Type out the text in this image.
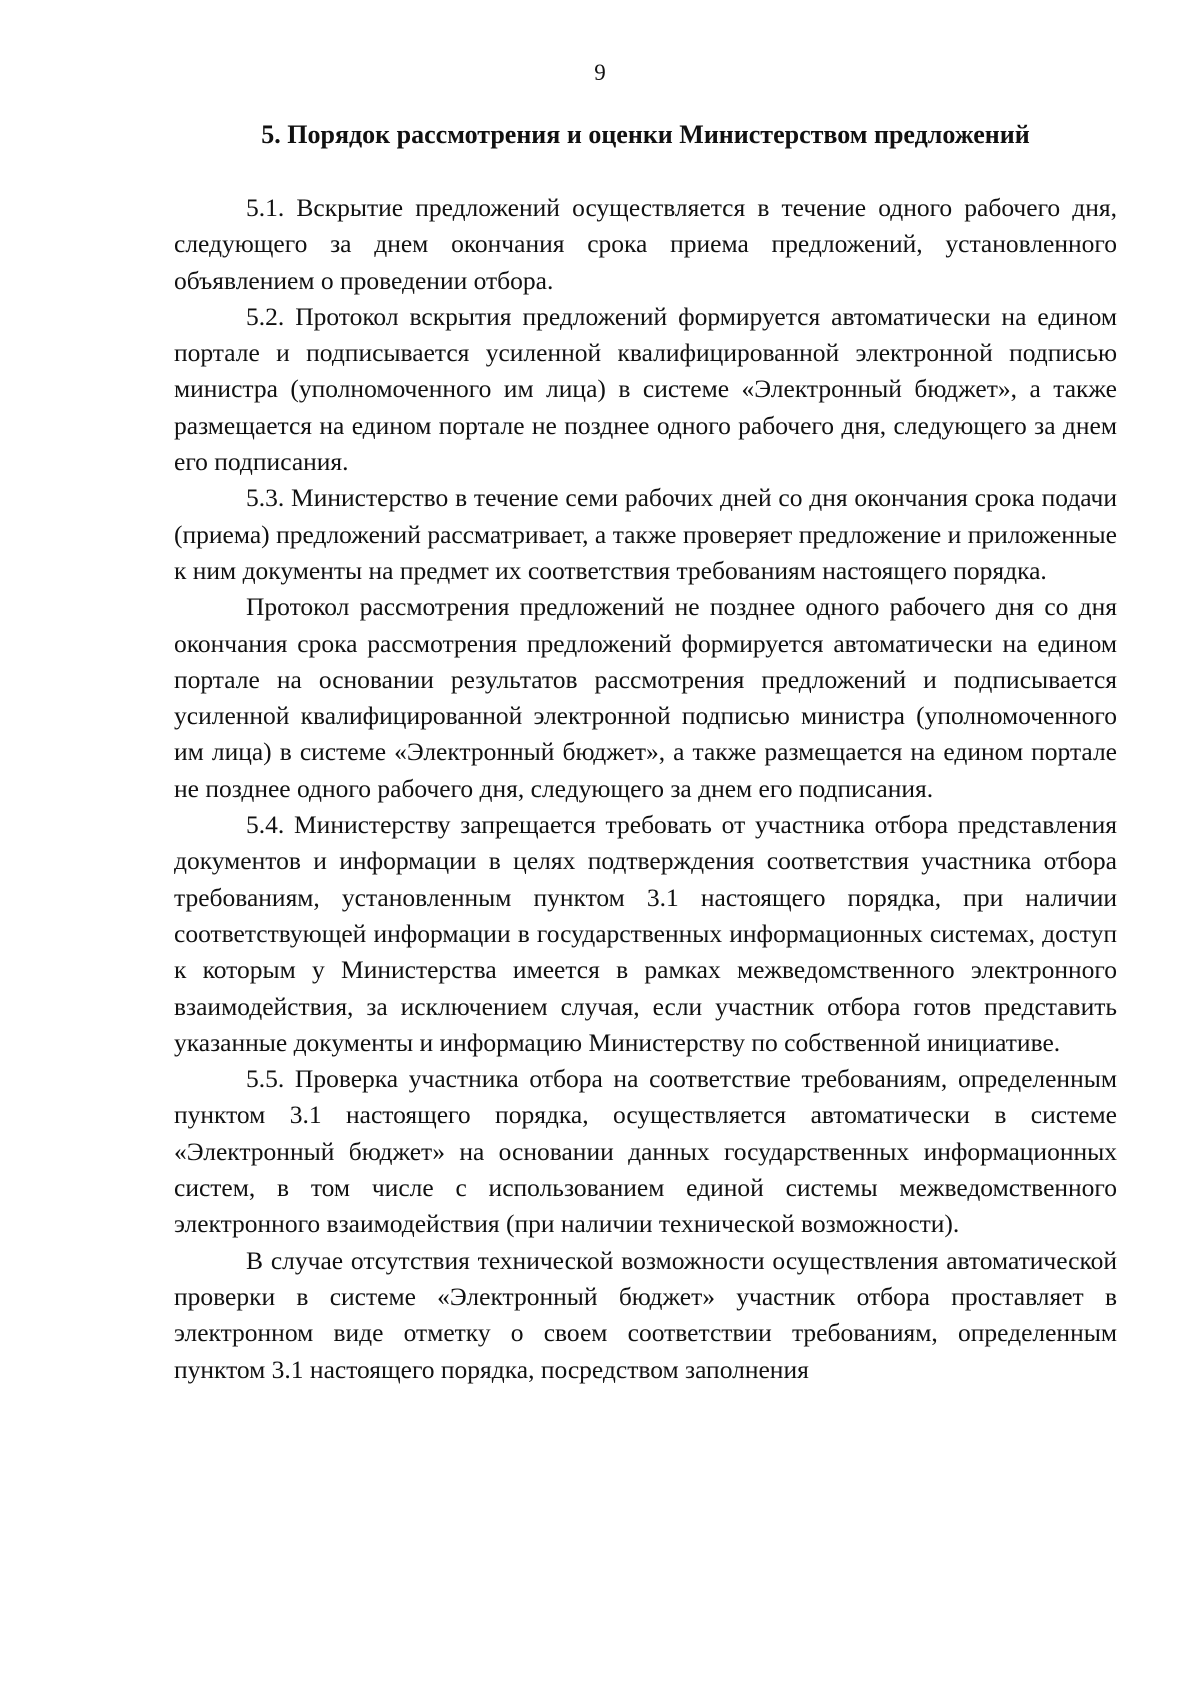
9
5. Порядок рассмотрения и оценки Министерством предложений

5.1. Вскрытие предложений осуществляется в течение одного рабочего дня, следующего за днем окончания срока приема предложений, установленного объявлением о проведении отбора.

5.2. Протокол вскрытия предложений формируется автоматически на едином портале и подписывается усиленной квалифицированной электронной подписью министра (уполномоченного им лица) в системе «Электронный бюджет», а также размещается на едином портале не позднее одного рабочего дня, следующего за днем его подписания.

5.3. Министерство в течение семи рабочих дней со дня окончания срока подачи (приема) предложений рассматривает, а также проверяет предложение и приложенные к ним документы на предмет их соответствия требованиям настоящего порядка.

Протокол рассмотрения предложений не позднее одного рабочего дня со дня окончания срока рассмотрения предложений формируется автоматически на едином портале на основании результатов рассмотрения предложений и подписывается усиленной квалифицированной электронной подписью министра (уполномоченного им лица) в системе «Электронный бюджет», а также размещается на едином портале не позднее одного рабочего дня, следующего за днем его подписания.

5.4. Министерству запрещается требовать от участника отбора представления документов и информации в целях подтверждения соответствия участника отбора требованиям, установленным пунктом 3.1 настоящего порядка, при наличии соответствующей информации в государственных информационных системах, доступ к которым у Министерства имеется в рамках межведомственного электронного взаимодействия, за исключением случая, если участник отбора готов представить указанные документы и информацию Министерству по собственной инициативе.

5.5. Проверка участника отбора на соответствие требованиям, определенным пунктом 3.1 настоящего порядка, осуществляется автоматически в системе «Электронный бюджет» на основании данных государственных информационных систем, в том числе с использованием единой системы межведомственного электронного взаимодействия (при наличии технической возможности).

В случае отсутствия технической возможности осуществления автоматической проверки в системе «Электронный бюджет» участник отбора проставляет в электронном виде отметку о своем соответствии требованиям, определенным пунктом 3.1 настоящего порядка, посредством заполнения
